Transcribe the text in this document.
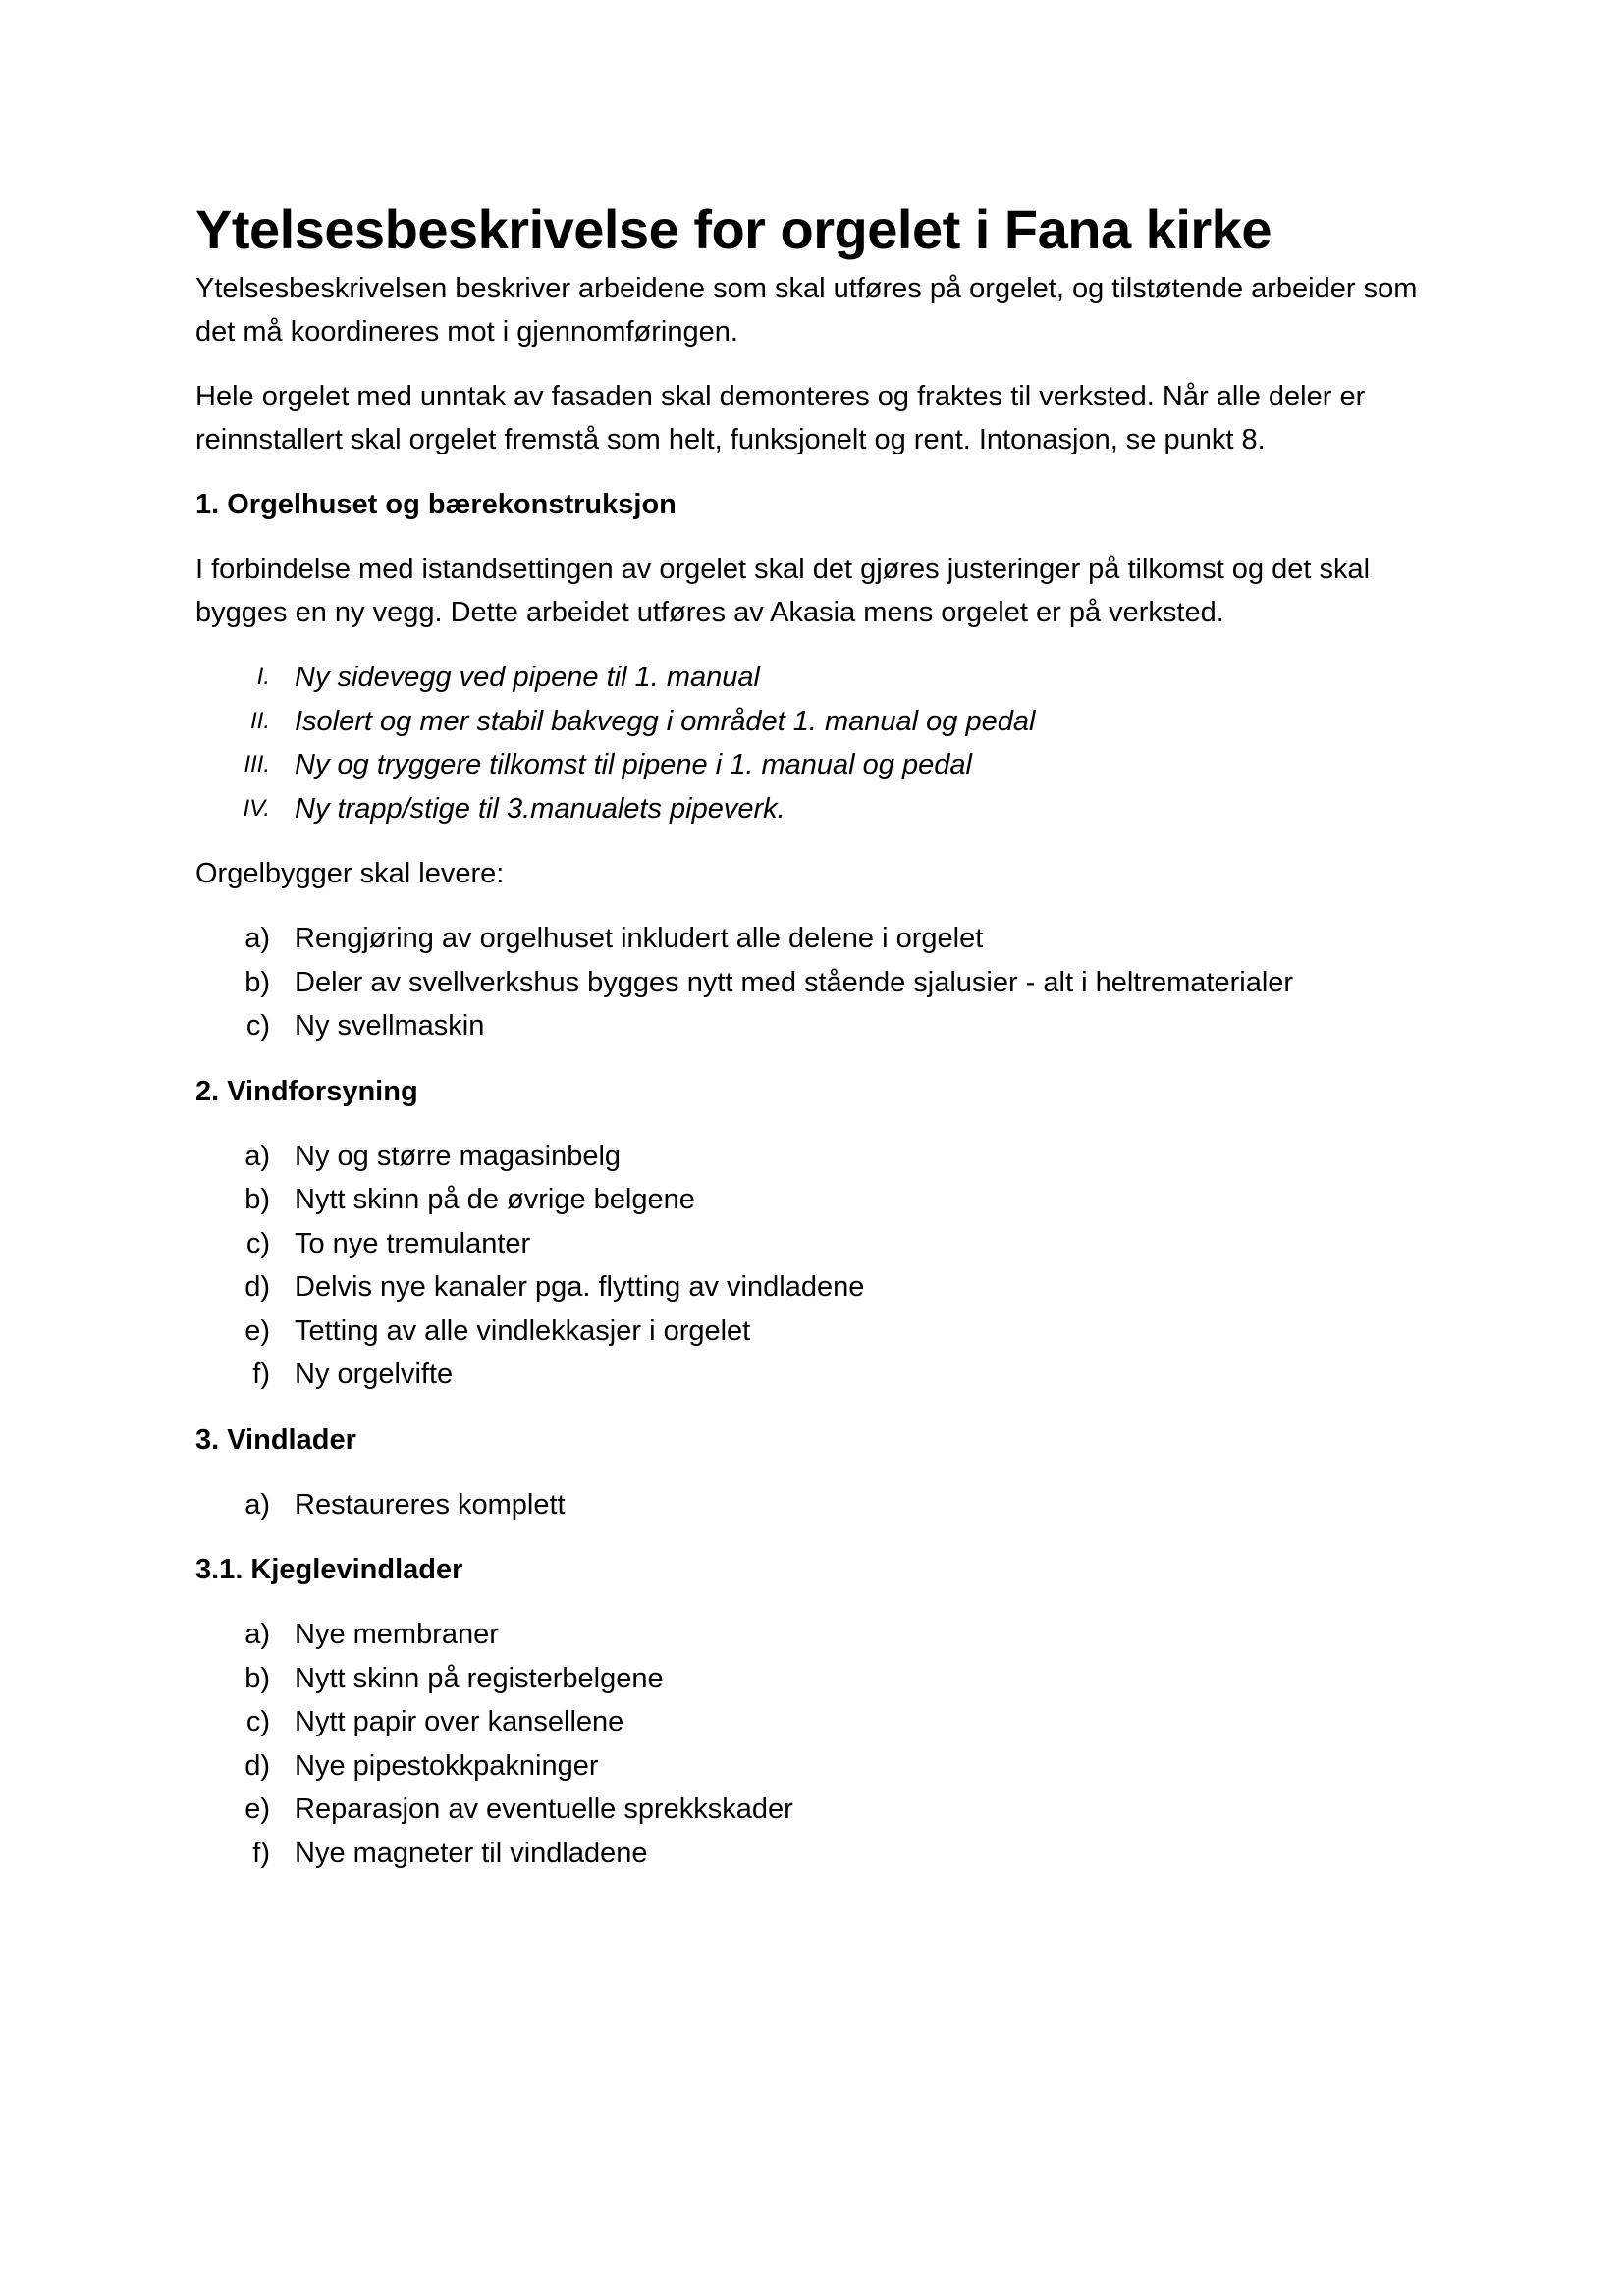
Ytelsesbeskrivelse for orgelet i Fana kirke

Ytelsesbeskrivelsen beskriver arbeidene som skal utføres på orgelet, og tilstøtende arbeider som det må koordineres mot i gjennomføringen.

Hele orgelet med unntak av fasaden skal demonteres og fraktes til verksted. Når alle deler er reinnstallert skal orgelet fremstå som helt, funksjonelt og rent. Intonasjon, se punkt 8.

1. Orgelhuset og bærekonstruksjon

I forbindelse med istandsettingen av orgelet skal det gjøres justeringer på tilkomst og det skal bygges en ny vegg. Dette arbeidet utføres av Akasia mens orgelet er på verksted.

I. Ny sidevegg ved pipene til 1. manual
II. Isolert og mer stabil bakvegg i området 1. manual og pedal
III. Ny og tryggere tilkomst til pipene i 1. manual og pedal
IV. Ny trapp/stige til 3.manualets pipeverk.

Orgelbygger skal levere:

a) Rengjøring av orgelhuset inkludert alle delene i orgelet
b) Deler av svellverkshus bygges nytt med stående sjalusier - alt i heltrematerialer
c) Ny svellmaskin
2. Vindforsyning
a) Ny og større magasinbelg
b) Nytt skinn på de øvrige belgene
c) To nye tremulanter
d) Delvis nye kanaler pga. flytting av vindladene
e) Tetting av alle vindlekkasjer i orgelet
f) Ny orgelvifte
3. Vindlader
a) Restaureres komplett
3.1. Kjeglevindlader
a) Nye membraner
b) Nytt skinn på registerbelgene
c) Nytt papir over kansellene
d) Nye pipestokkpakninger
e) Reparasjon av eventuelle sprekkskader
f) Nye magneter til vindladene
